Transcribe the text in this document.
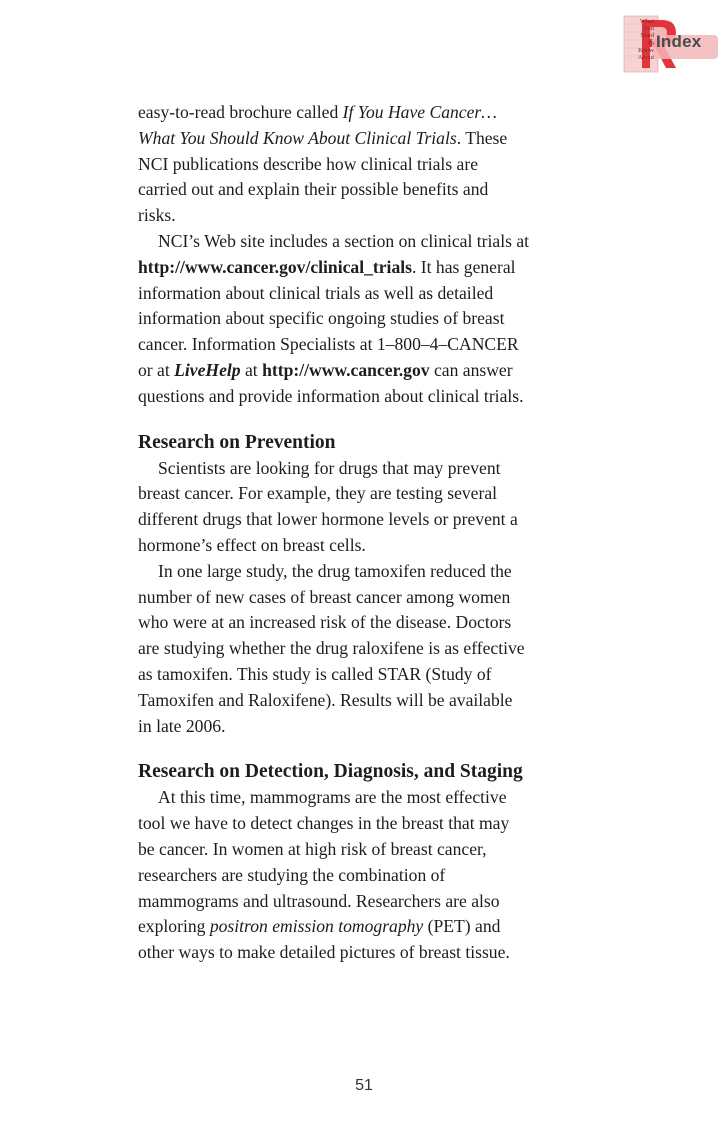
What
You
Need
To
Know
About
Index

easy-to-read brochure called If You Have Cancer…
What You Should Know About Clinical Trials. These
NCI publications describe how clinical trials are
carried out and explain their possible benefits and
risks.

NCI’s Web site includes a section on clinical trials at
http://www.cancer.gov/clinical_trials. It has general
information about clinical trials as well as detailed
information about specific ongoing studies of breast
cancer. Information Specialists at 1–800–4–CANCER
or at LiveHelp at http://www.cancer.gov can answer
questions and provide information about clinical trials.

Research on Prevention

Scientists are looking for drugs that may prevent
breast cancer. For example, they are testing several
different drugs that lower hormone levels or prevent a
hormone’s effect on breast cells.

In one large study, the drug tamoxifen reduced the
number of new cases of breast cancer among women
who were at an increased risk of the disease. Doctors
are studying whether the drug raloxifene is as effective
as tamoxifen. This study is called STAR (Study of
Tamoxifen and Raloxifene). Results will be available
in late 2006.

Research on Detection, Diagnosis, and Staging

At this time, mammograms are the most effective
tool we have to detect changes in the breast that may
be cancer. In women at high risk of breast cancer,
researchers are studying the combination of
mammograms and ultrasound. Researchers are also
exploring positron emission tomography (PET) and
other ways to make detailed pictures of breast tissue.

51
